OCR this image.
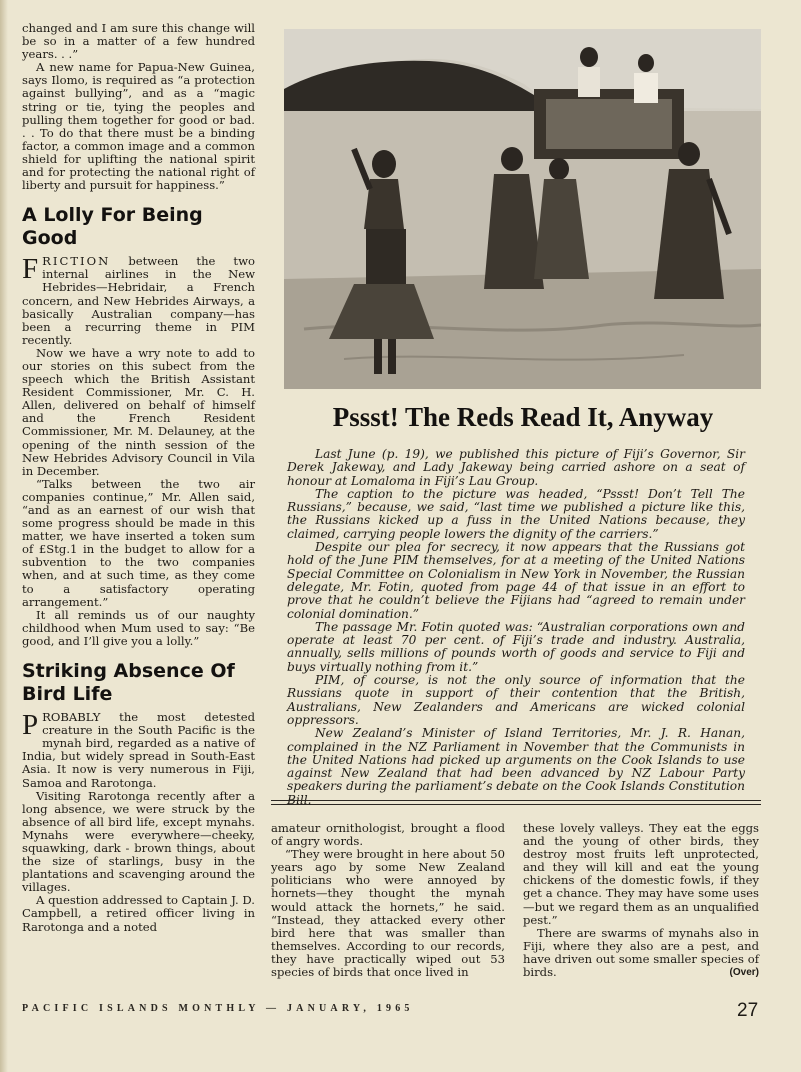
changed and I am sure this change will be so in a matter of a few hundred years. . .”

A new name for Papua-New Guinea, says Ilomo, is required as “a protection against bullying”, and as a “magic string or tie, tying the peoples and pulling them together for good or bad. . . To do that there must be a binding factor, a common image and a common shield for uplifting the national spirit and for protecting the national right of liberty and pursuit for happiness.”

A Lolly For Being Good

FRICTION between the two internal airlines in the New Hebrides—Hebridair, a French concern, and New Hebrides Airways, a basically Australian company—has been a recurring theme in PIM recently.

Now we have a wry note to add to our stories on this subect from the speech which the British Assistant Resident Commissioner, Mr. C. H. Allen, delivered on behalf of himself and the French Resident Commissioner, Mr. M. Delauney, at the opening of the ninth session of the New Hebrides Advisory Council in Vila in December.

“Talks between the two air companies continue,” Mr. Allen said, “and as an earnest of our wish that some progress should be made in this matter, we have inserted a token sum of £Stg.1 in the budget to allow for a subvention to the two companies when, and at such time, as they come to a satisfactory operating arrangement.”

It all reminds us of our naughty childhood when Mum used to say: “Be good, and I’ll give you a lolly.”

Striking Absence Of Bird Life

PROBABLY the most detested creature in the South Pacific is the mynah bird, regarded as a native of India, but widely spread in South-East Asia. It now is very numerous in Fiji, Samoa and Rarotonga.

Visiting Rarotonga recently after a long absence, we were struck by the absence of all bird life, except mynahs. Mynahs were everywhere—cheeky, squawking, dark - brown things, about the size of starlings, busy in the plantations and scavenging around the villages.

A question addressed to Captain J. D. Campbell, a retired officer living in Rarotonga and a noted

Pssst! The Reds Read It, Anyway

Last June (p. 19), we published this picture of Fiji’s Governor, Sir Derek Jakeway, and Lady Jakeway being carried ashore on a seat of honour at Lomaloma in Fiji’s Lau Group.

The caption to the picture was headed, “Pssst! Don’t Tell The Russians,” because, we said, “last time we published a picture like this, the Russians kicked up a fuss in the United Nations because, they claimed, carrying people lowers the dignity of the carriers.”

Despite our plea for secrecy, it now appears that the Russians got hold of the June PIM themselves, for at a meeting of the United Nations Special Committee on Colonialism in New York in November, the Russian delegate, Mr. Fotin, quoted from page 44 of that issue in an effort to prove that he couldn’t believe the Fijians had “agreed to remain under colonial domination.”

The passage Mr. Fotin quoted was: “Australian corporations own and operate at least 70 per cent. of Fiji’s trade and industry. Australia, annually, sells millions of pounds worth of goods and service to Fiji and buys virtually nothing from it.”

PIM, of course, is not the only source of information that the Russians quote in support of their contention that the British, Australians, New Zealanders and Americans are wicked colonial oppressors.

New Zealand’s Minister of Island Territories, Mr. J. R. Hanan, complained in the NZ Parliament in November that the Communists in the United Nations had picked up arguments on the Cook Islands to use against New Zealand that had been advanced by NZ Labour Party speakers during the parliament’s debate on the Cook Islands Constitution Bill.

amateur ornithologist, brought a flood of angry words.

“They were brought in here about 50 years ago by some New Zealand politicians who were annoyed by hornets—they thought the mynah would attack the hornets,” he said. “Instead, they attacked every other bird here that was smaller than themselves. According to our records, they have practically wiped out 53 species of birds that once lived in

these lovely valleys. They eat the eggs and the young of other birds, they destroy most fruits left unprotected, and they will kill and eat the young chickens of the domestic fowls, if they get a chance. They may have some uses—but we regard them as an unqualified pest.”

There are swarms of mynahs also in Fiji, where they also are a pest, and have driven out some smaller species of birds.	(Over)

PACIFIC ISLANDS MONTHLY — JANUARY, 1965	27
